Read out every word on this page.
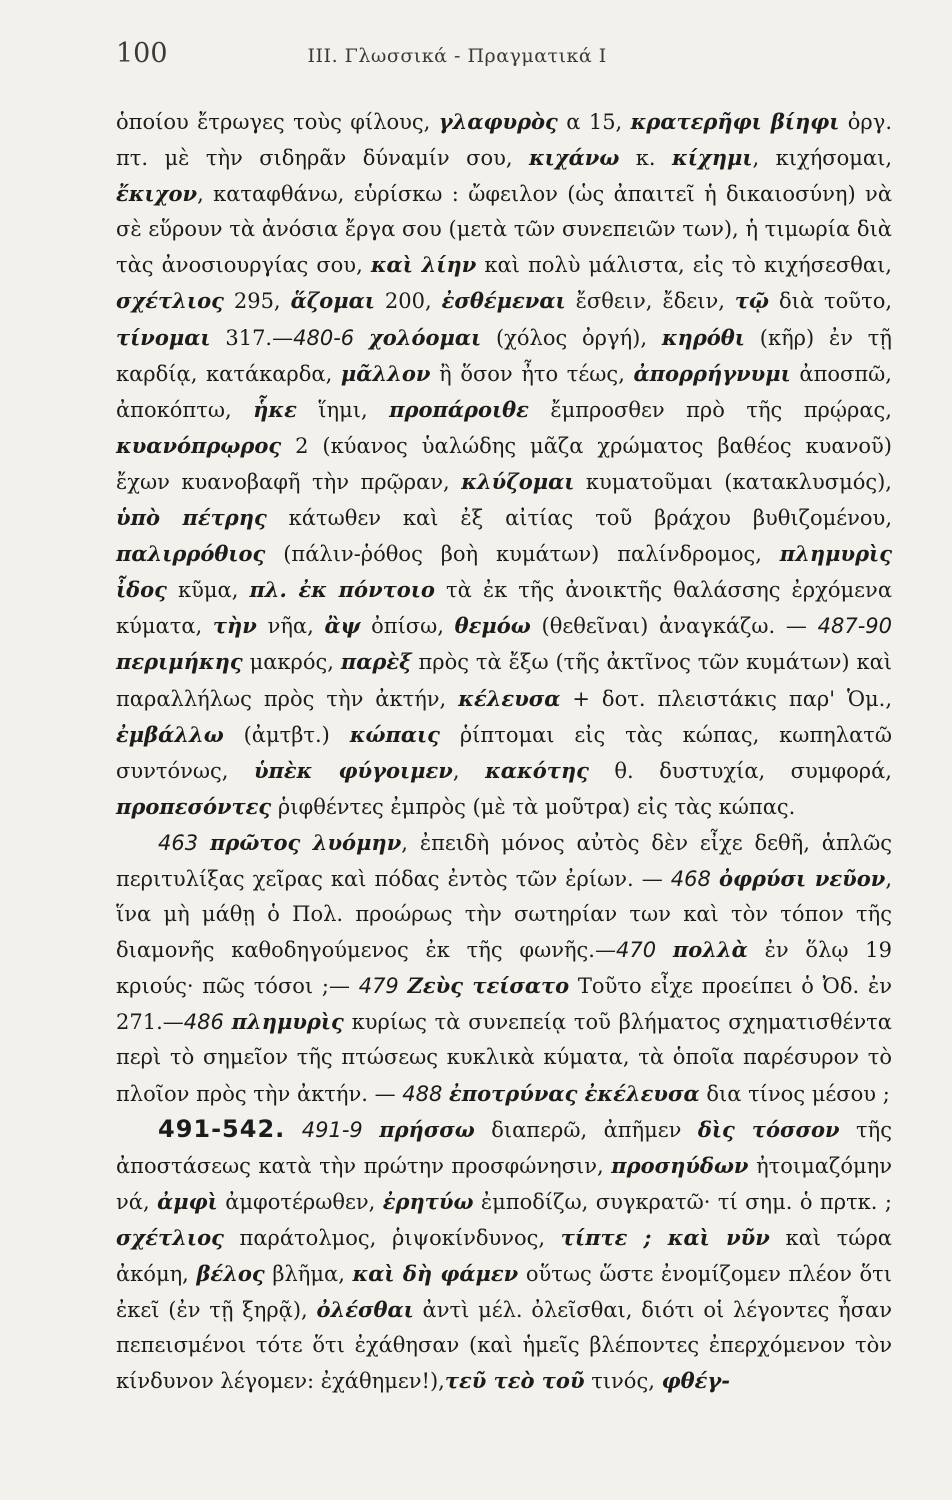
100	ΙΙΙ. Γλωσσικά - Πραγματικά Ι

ὁποίου ἔτρωγες τοὺς φίλους, γλαφυρὸς α 15, κρατερῆφι βίηφι ὀργ. πτ. μὲ τὴν σιδηρᾶν δύναμίν σου, κιχάνω κ. κίχημι, κιχήσομαι, ἔκιχον, καταφθάνω, εὑρίσκω : ὤφειλον (ὡς ἀπαιτεῖ ἡ δικαιοσύνη) νὰ σὲ εὕρουν τὰ ἀνόσια ἔργα σου (μετὰ τῶν συνεπειῶν των), ἡ τιμωρία διὰ τὰς ἀνοσιουργίας σου, καὶ λίην καὶ πολὺ μάλιστα, εἰς τὸ κιχήσεσθαι, σχέτλιος 295, ἅζομαι 200, ἐσθέμεναι ἔσθειν, ἔδειν, τῷ διὰ τοῦτο, τίνομαι 317.—480-6 χολόομαι (χόλος ὀργή), κηρόθι (κῆρ) ἐν τῇ καρδίᾳ, κατάκαρδα, μᾶλλον ἢ ὅσον ἦτο τέως, ἀπορρήγνυμι ἀποσπῶ, ἀποκόπτω, ἧκε ἵημι, προπάροιθε ἔμπροσθεν πρὸ τῆς πρῴρας, κυανόπρῳρος 2 (κύανος ὑαλώδης μᾶζα χρώματος βαθέος κυανοῦ) ἔχων κυανοβαφῆ τὴν πρῷραν, κλύζομαι κυματοῦμαι (κατακλυσμός), ὑπὸ πέτρης κάτωθεν καὶ ἐξ αἰτίας τοῦ βράχου βυθιζομένου, παλιρρόθιος (πάλιν-ῥόθος βοὴ κυμάτων) παλίνδρομος, πλημυρὶς ἶδος κῦμα, πλ. ἐκ πόντοιο τὰ ἐκ τῆς ἀνοικτῆς θαλάσσης ἐρχόμενα κύματα, τὴν νῆα, ἂψ ὀπίσω, θεμόω (θεθεῖναι) ἀναγκάζω. — 487-90 περιμήκης μακρός, παρὲξ πρὸς τὰ ἔξω (τῆς ἀκτῖνος τῶν κυμάτων) καὶ παραλλήλως πρὸς τὴν ἀκτήν, κέλευσα + δοτ. πλειστάκις παρ' Ὁμ., ἐμβάλλω (ἀμτβτ.) κώπαις ῥίπτομαι εἰς τὰς κώπας, κωπηλατῶ συντόνως, ὑπὲκ φύγοιμεν, κακότης θ. δυστυχία, συμφορά, προπεσόντες ῥιφθέντες ἐμπρὸς (μὲ τὰ μοῦτρα) εἰς τὰς κώπας.

463 πρῶτος λυόμην, ἐπειδὴ μόνος αὐτὸς δὲν εἶχε δεθῆ, ἁπλῶς περιτυλίξας χεῖρας καὶ πόδας ἐντὸς τῶν ἐρίων. — 468 ὀφρύσι νεῦον, ἵνα μὴ μάθῃ ὁ Πολ. προώρως τὴν σωτηρίαν των καὶ τὸν τόπον τῆς διαμονῆς καθοδηγούμενος ἐκ τῆς φωνῆς.—470 πολλὰ ἐν ὅλῳ 19 κριούς· πῶς τόσοι ;— 479 Ζεὺς τείσατο Τοῦτο εἶχε προείπει ὁ Ὀδ. ἐν 271.—486 πλημυρὶς κυρίως τὰ συνεπείᾳ τοῦ βλήματος σχηματισθέντα περὶ τὸ σημεῖον τῆς πτώσεως κυκλικὰ κύματα, τὰ ὁποῖα παρέσυρον τὸ πλοῖον πρὸς τὴν ἀκτήν. — 488 ἐποτρύνας ἐκέλευσα δια τίνος μέσου ;

491-542. 491-9 πρήσσω διαπερῶ, ἀπῆμεν δὶς τόσσον τῆς ἀποστάσεως κατὰ τὴν πρώτην προσφώνησιν, προσηύδων ἠτοιμαζόμην νά, ἀμφὶ ἀμφοτέρωθεν, ἐρητύω ἐμποδίζω, συγκρατῶ· τί σημ. ὁ πρτκ. ; σχέτλιος παράτολμος, ῥιψοκίνδυνος, τίπτε ; καὶ νῦν καὶ τώρα ἀκόμη, βέλος βλῆμα, καὶ δὴ φάμεν οὕτως ὥστε ἐνομίζομεν πλέον ὅτι ἐκεῖ (ἐν τῇ ξηρᾷ), ὀλέσθαι ἀντὶ μέλ. ὀλεῖσθαι, διότι οἱ λέγοντες ἦσαν πεπεισμένοι τότε ὅτι ἐχάθησαν (καὶ ἡμεῖς βλέποντες ἐπερχόμενον τὸν κίνδυνον λέγομεν: ἐχάθημεν!),τεῦ τεὸ τοῦ τινός, φθέγ-
